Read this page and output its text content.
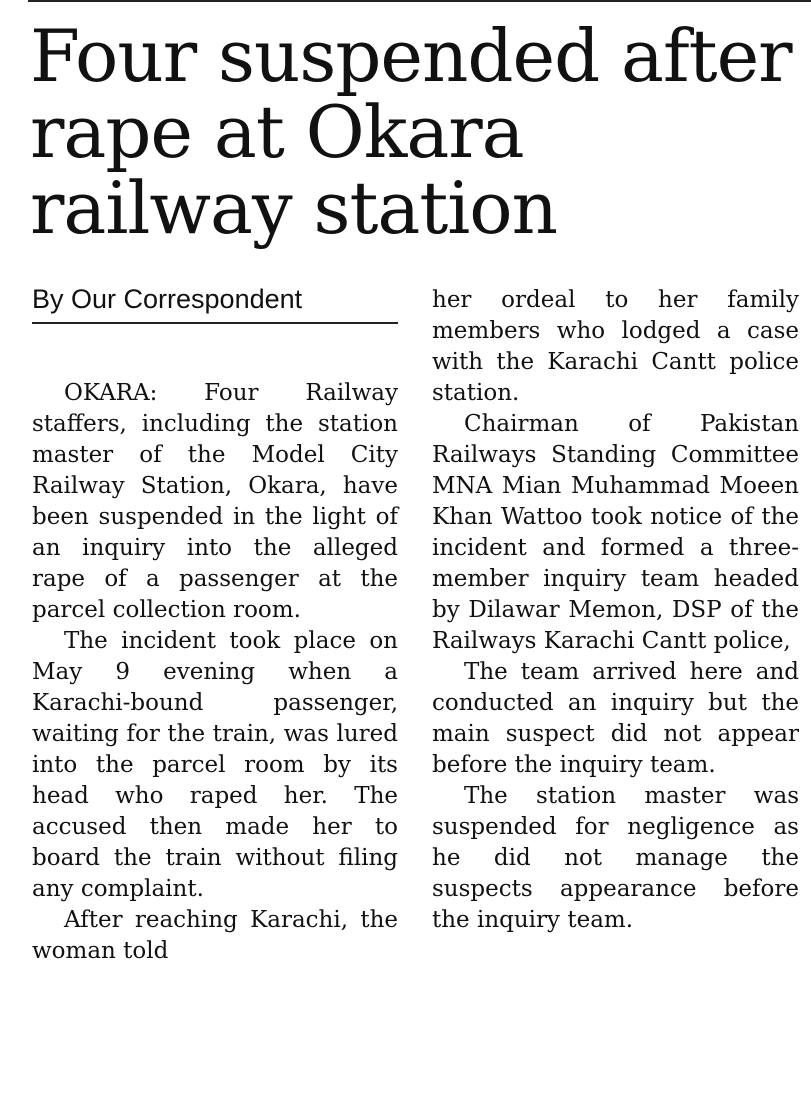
Four suspended after rape at Okara railway station
By Our Correspondent

OKARA: Four Railway staffers, including the station master of the Model City Railway Station, Okara, have been suspended in the light of an inquiry into the alleged rape of a passenger at the parcel collection room.

The incident took place on May 9 evening when a Karachi-bound passenger, waiting for the train, was lured into the parcel room by its head who raped her. The accused then made her to board the train without filing any complaint.

After reaching Karachi, the woman told

her ordeal to her family members who lodged a case with the Karachi Cantt police station.

Chairman of Pakistan Railways Standing Committee MNA Mian Muhammad Moeen Khan Wattoo took notice of the incident and formed a three-member inquiry team headed by Dilawar Memon, DSP of the Railways Karachi Cantt police,

The team arrived here and conducted an inquiry but the main suspect did not appear before the inquiry team.

The station master was suspended for negligence as he did not manage the suspects appearance before the inquiry team.
